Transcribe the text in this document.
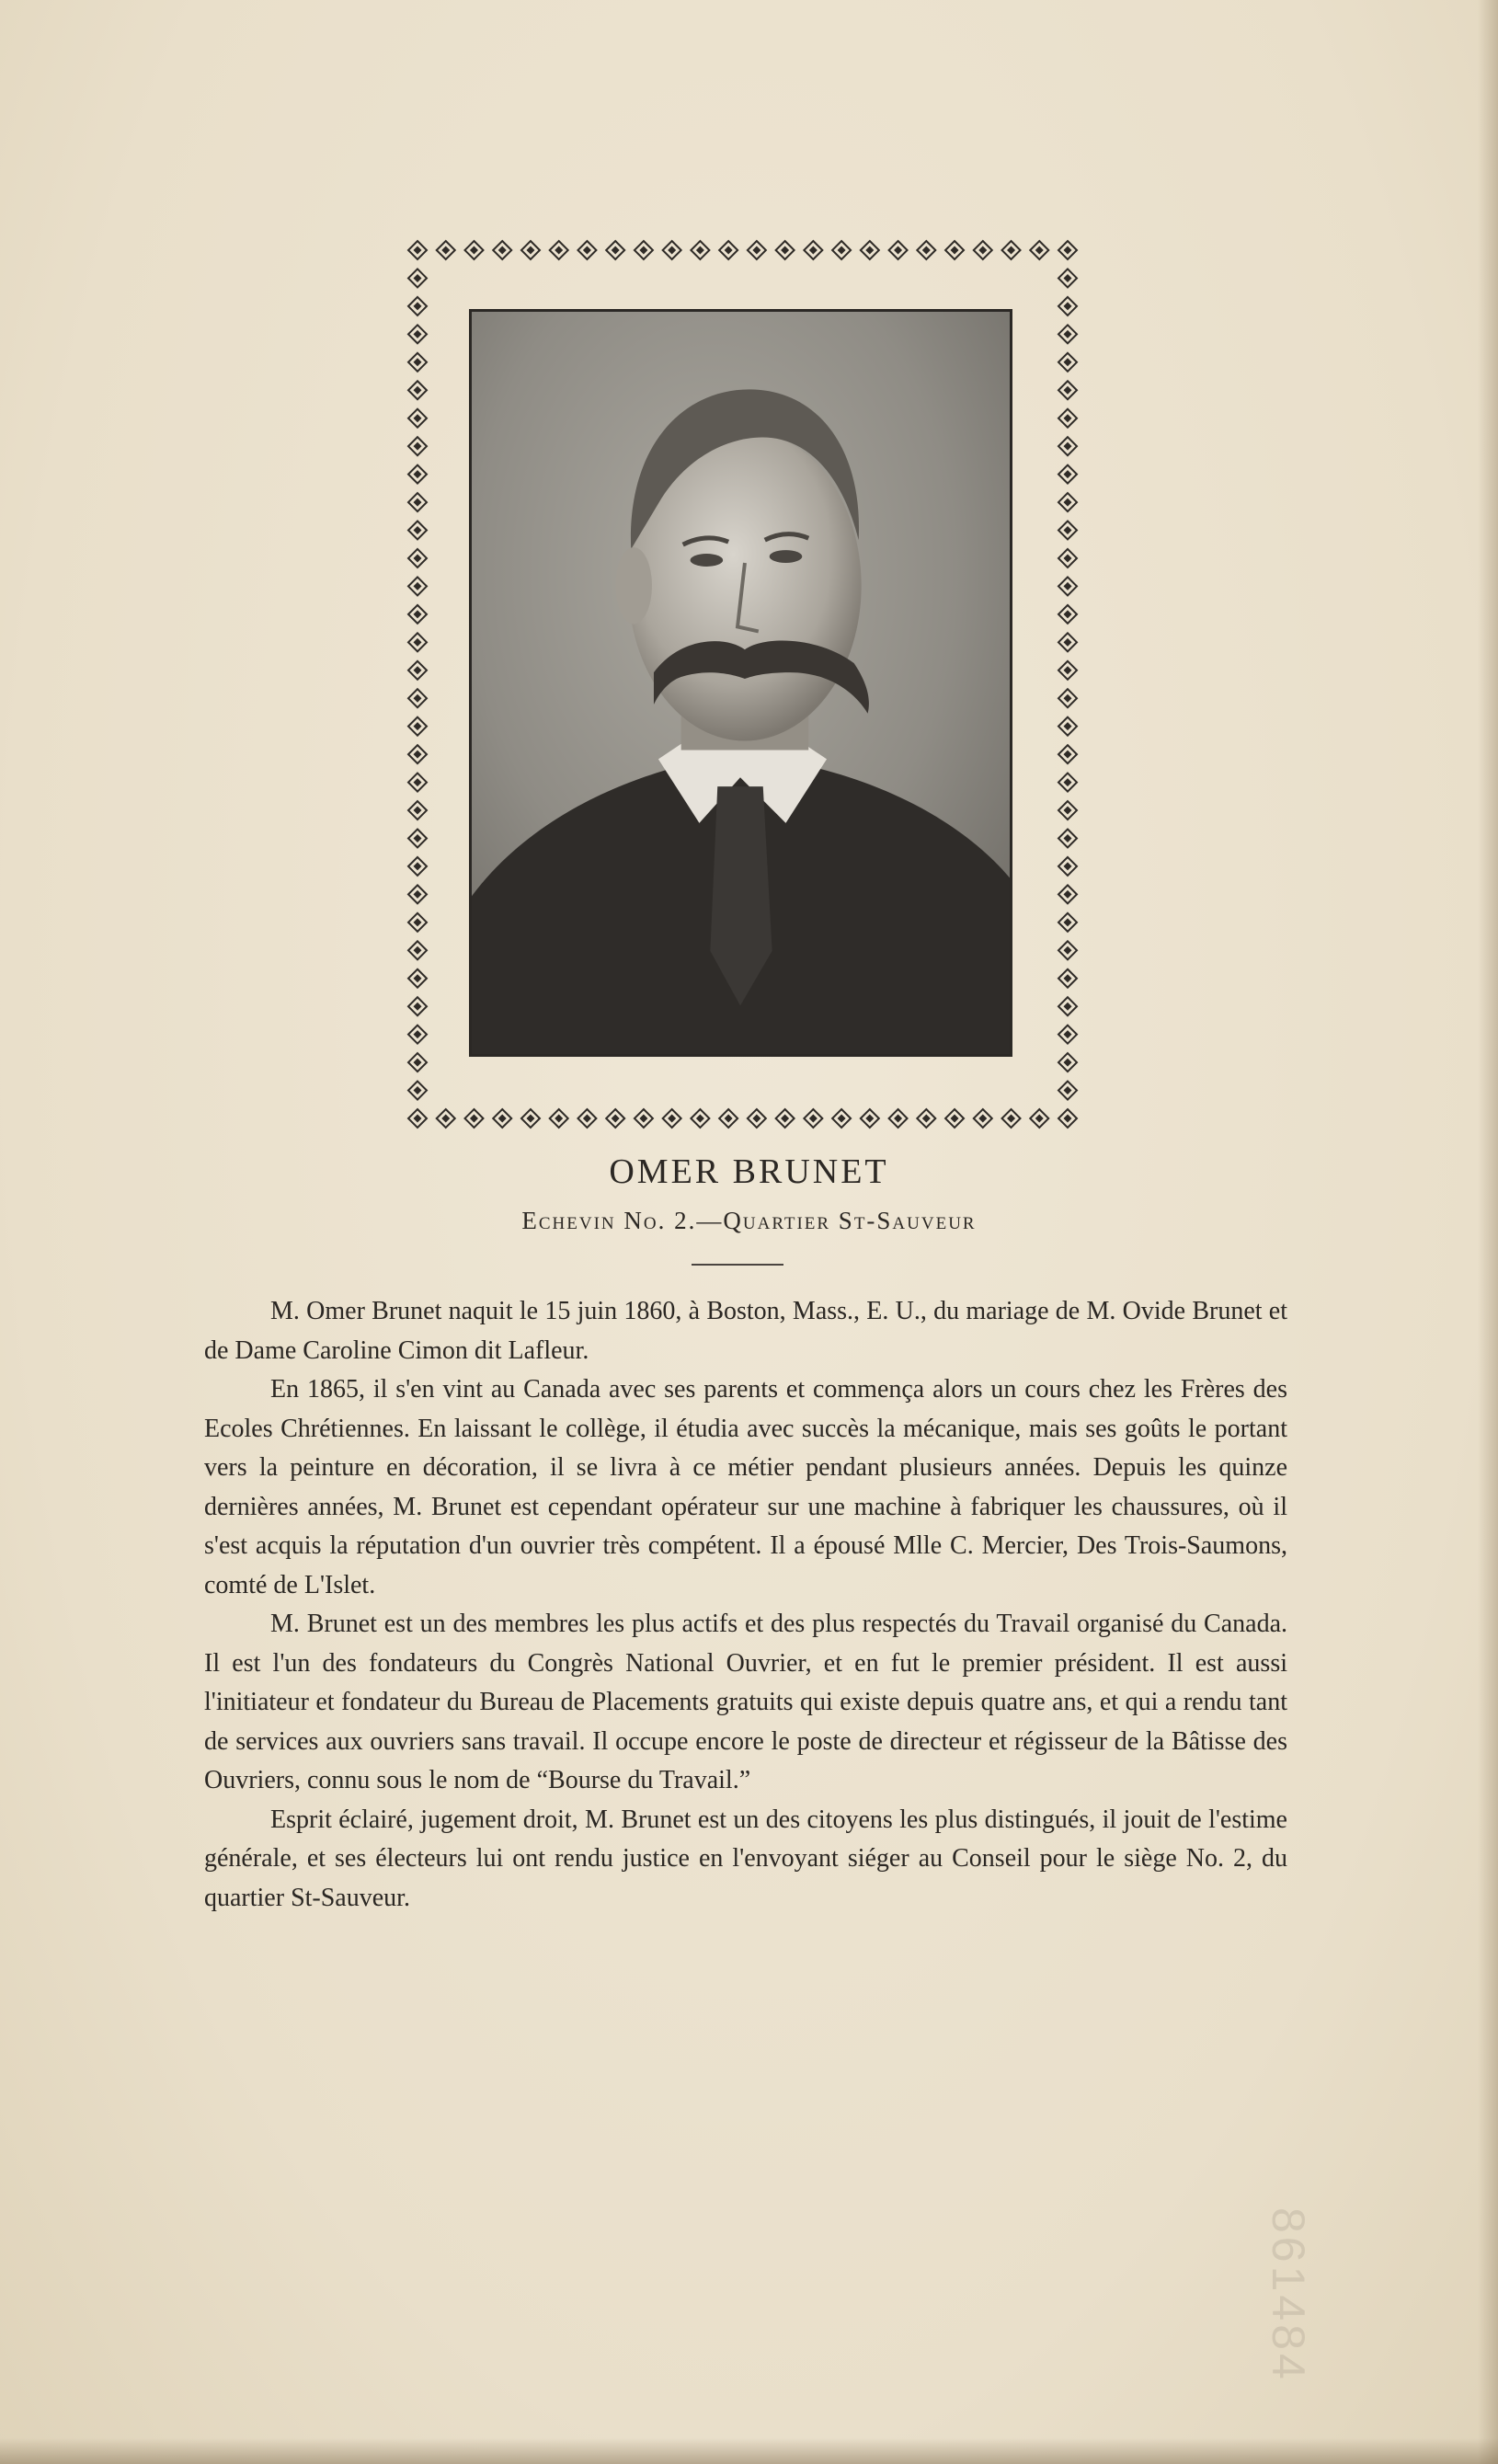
OMER BRUNET
Echevin No. 2.—Quartier St-Sauveur

M. Omer Brunet naquit le 15 juin 1860, à Boston, Mass., E. U., du mariage de M. Ovide Brunet et de Dame Caroline Cimon dit Lafleur.

En 1865, il s'en vint au Canada avec ses parents et commença alors un cours chez les Frères des Ecoles Chrétiennes. En laissant le collège, il étudia avec succès la mécanique, mais ses goûts le portant vers la peinture en décoration, il se livra à ce métier pendant plusieurs années. Depuis les quinze dernières années, M. Brunet est cependant opérateur sur une machine à fabriquer les chaussures, où il s'est acquis la réputation d'un ouvrier très compétent. Il a épousé Mlle C. Mercier, Des Trois-Saumons, comté de L'Islet.

M. Brunet est un des membres les plus actifs et des plus respectés du Travail organisé du Canada. Il est l'un des fondateurs du Congrès National Ouvrier, et en fut le premier président. Il est aussi l'initiateur et fondateur du Bureau de Placements gratuits qui existe depuis quatre ans, et qui a rendu tant de services aux ouvriers sans travail. Il occupe encore le poste de directeur et régisseur de la Bâtisse des Ouvriers, connu sous le nom de “Bourse du Travail.”

Esprit éclairé, jugement droit, M. Brunet est un des citoyens les plus distingués, il jouit de l'estime générale, et ses électeurs lui ont rendu justice en l'envoyant siéger au Conseil pour le siège No. 2, du quartier St-Sauveur.

861484
